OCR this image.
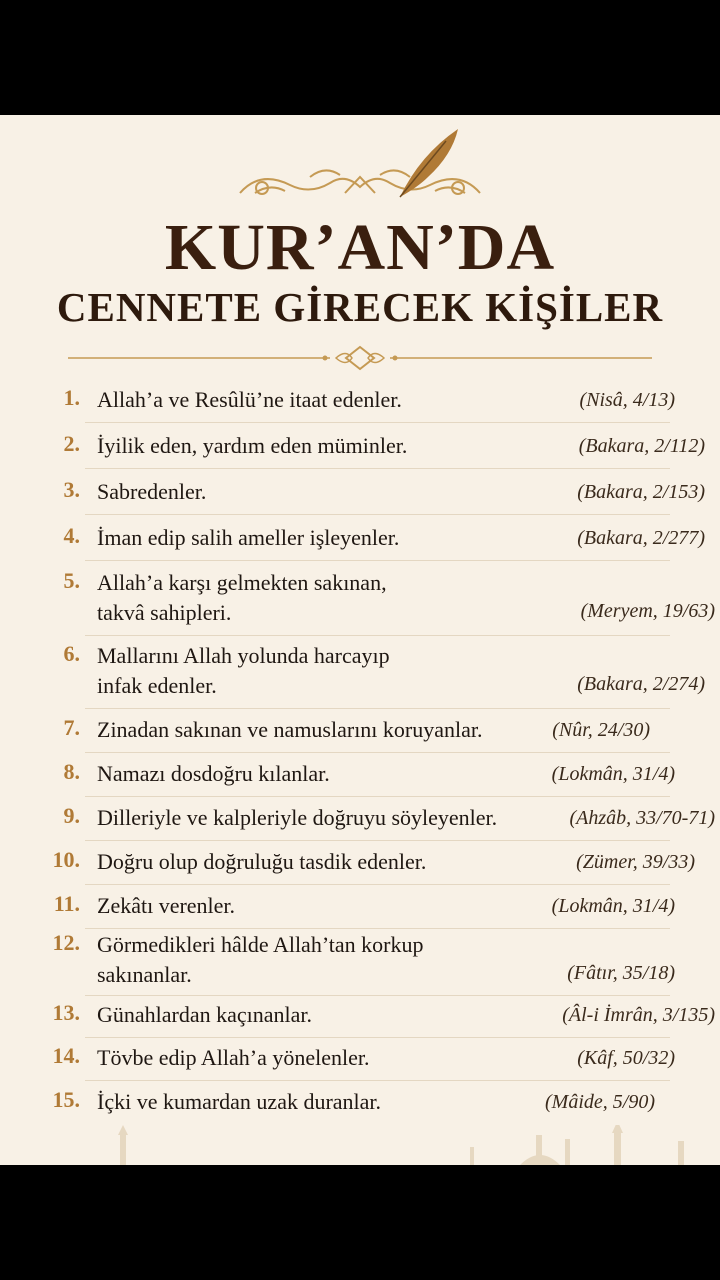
KUR’AN’DA
CENNETE GİRECEK KİŞİLER
1. Allah’a ve Resûlü’ne itaat edenler.	(Nisâ, 4/13)
2. İyilik eden, yardım eden müminler.	(Bakara, 2/112)
3. Sabredenler.	(Bakara, 2/153)
4. İman edip salih ameller işleyenler.	(Bakara, 2/277)
5. Allah’a karşı gelmekten sakınan, takvâ sahipleri.	(Meryem, 19/63)
6. Mallarını Allah yolunda harcayıp infak edenler.	(Bakara, 2/274)
7. Zinadan sakınan ve namuslarını koruyanlar.	(Nûr, 24/30)
8. Namazı dosdoğru kılanlar.	(Lokmân, 31/4)
9. Dilleriyle ve kalpleriyle doğruyu söyleyenler.	(Ahzâb, 33/70-71)
10. Doğru olup doğruluğu tasdik edenler.	(Zümer, 39/33)
11. Zekâtı verenler.	(Lokmân, 31/4)
12. Görmedikleri hâlde Allah’tan korkup sakınanlar.	(Fâtır, 35/18)
13. Günahlardan kaçınanlar.	(Âl-i İmrân, 3/135)
14. Tövbe edip Allah’a yönelenler.	(Kâf, 50/32)
15. İçki ve kumardan uzak duranlar.	(Mâide, 5/90)
